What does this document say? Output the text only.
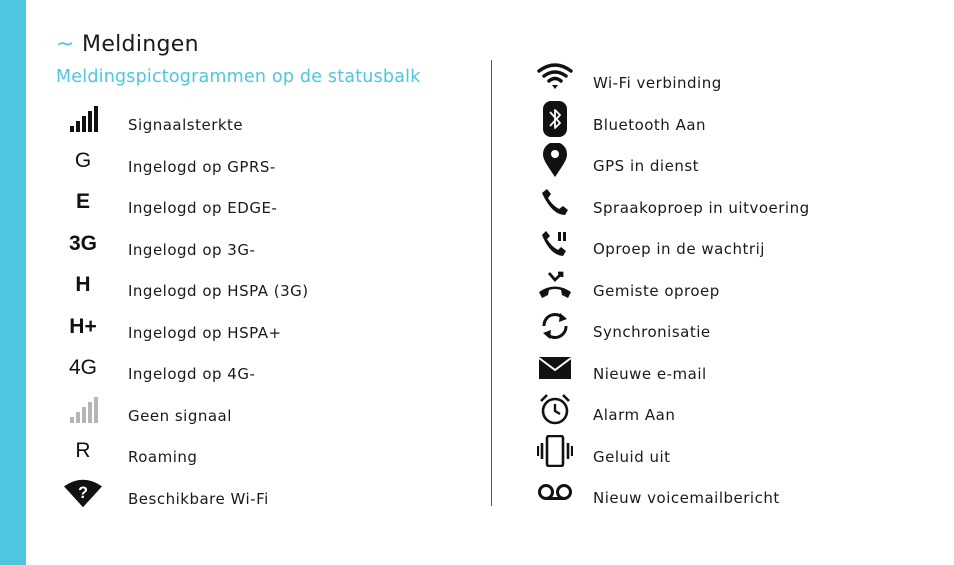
~ Meldingen
Meldingspictogrammen op de statusbalk
Signaalsterkte
G	Ingelogd op GPRS-
E	Ingelogd op EDGE-
3G	Ingelogd op 3G-
H	Ingelogd op HSPA (3G)
H+	Ingelogd op HSPA+
4G	Ingelogd op 4G-
Geen signaal
R	Roaming
?	Beschikbare Wi-Fi
Wi-Fi verbinding
Bluetooth Aan
GPS in dienst
Spraakoproep in uitvoering
Oproep in de wachtrij
Gemiste oproep
Synchronisatie
Nieuwe e-mail
Alarm Aan
Geluid uit
Nieuw voicemailbericht
